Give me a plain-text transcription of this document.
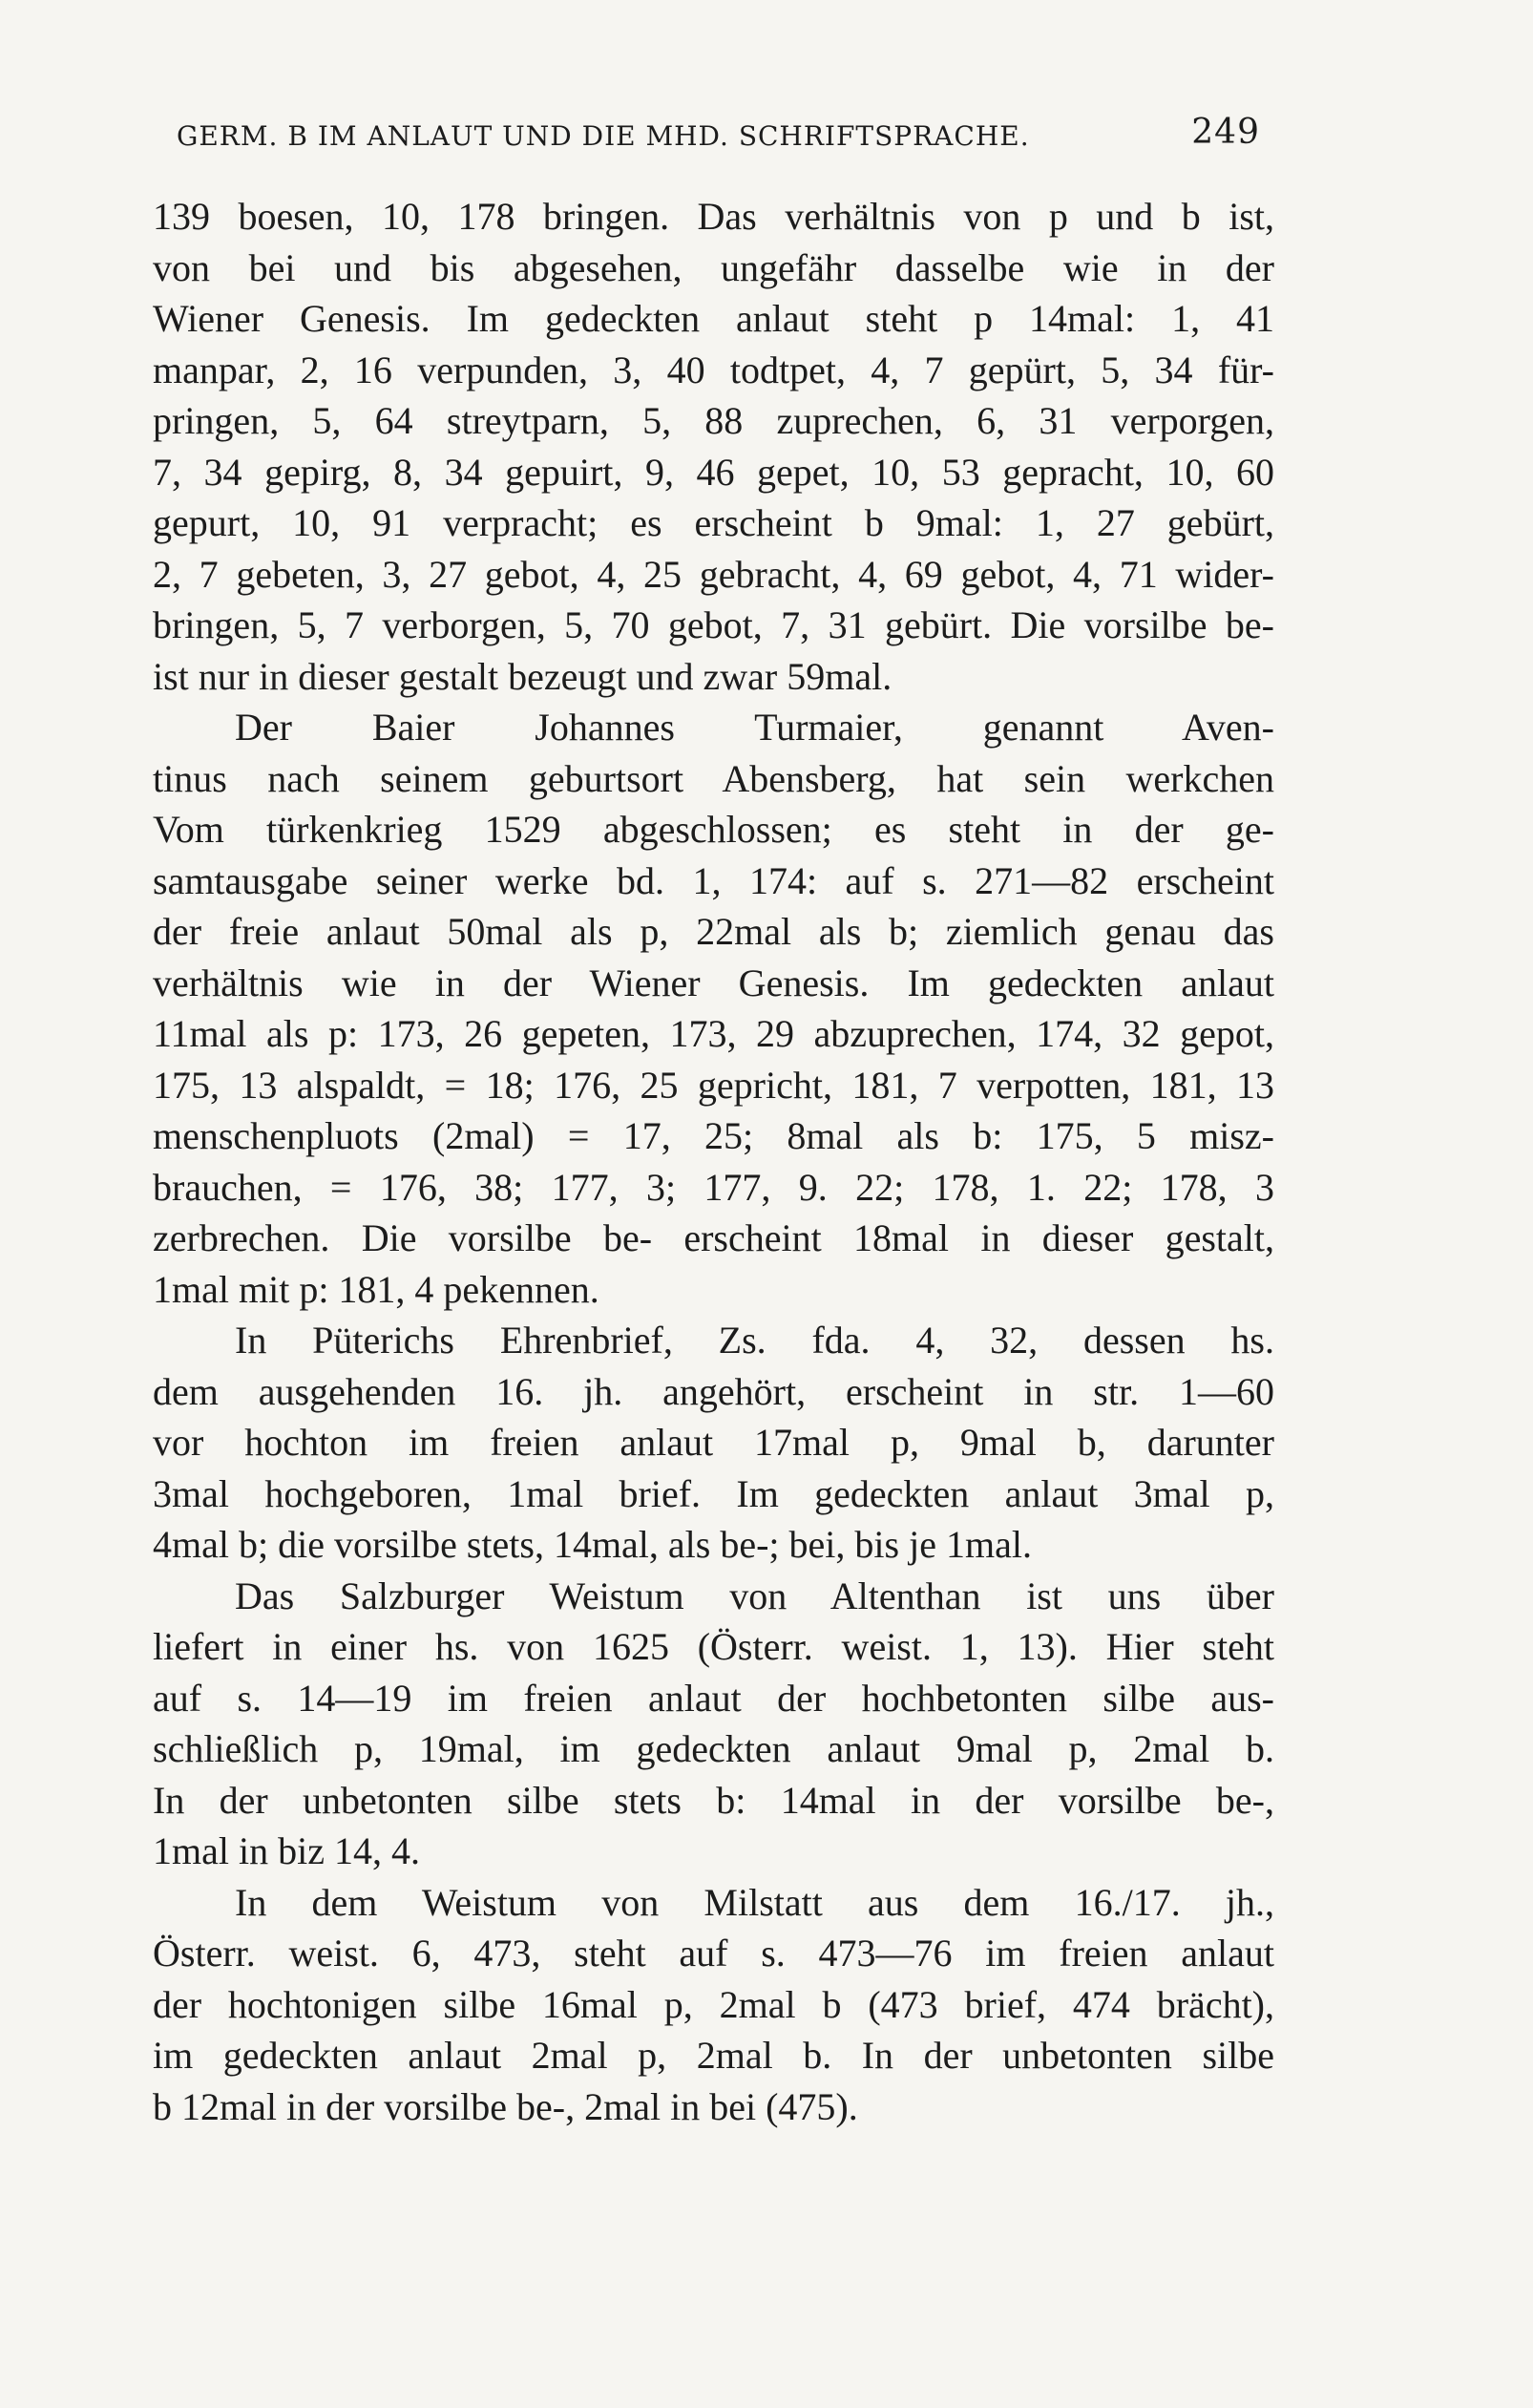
GERM. B IM ANLAUT UND DIE MHD. SCHRIFTSPRACHE.	249
139 boesen, 10, 178 bringen. Das verhältnis von p und b ist,
von bei und bis abgesehen, ungefähr dasselbe wie in der
Wiener Genesis. Im gedeckten anlaut steht p 14mal: 1, 41
manpar, 2, 16 verpunden, 3, 40 todtpet, 4, 7 gepürt, 5, 34 für-
pringen, 5, 64 streytparn, 5, 88 zuprechen, 6, 31 verporgen,
7, 34 gepirg, 8, 34 gepuirt, 9, 46 gepet, 10, 53 gepracht, 10, 60
gepurt, 10, 91 verpracht; es erscheint b 9mal: 1, 27 gebürt,
2, 7 gebeten, 3, 27 gebot, 4, 25 gebracht, 4, 69 gebot, 4, 71 wider-
bringen, 5, 7 verborgen, 5, 70 gebot, 7, 31 gebürt. Die vorsilbe be-
ist nur in dieser gestalt bezeugt und zwar 59mal.
Der Baier Johannes Turmaier, genannt Aven-
tinus nach seinem geburtsort Abensberg, hat sein werkchen
Vom türkenkrieg 1529 abgeschlossen; es steht in der ge-
samtausgabe seiner werke bd. 1, 174: auf s. 271—82 erscheint
der freie anlaut 50mal als p, 22mal als b; ziemlich genau das
verhältnis wie in der Wiener Genesis. Im gedeckten anlaut
11mal als p: 173, 26 gepeten, 173, 29 abzuprechen, 174, 32 gepot,
175, 13 alspaldt, = 18; 176, 25 gepricht, 181, 7 verpotten, 181, 13
menschenpluots (2mal) = 17, 25; 8mal als b: 175, 5 misz-
brauchen, = 176, 38; 177, 3; 177, 9. 22; 178, 1. 22; 178, 3
zerbrechen. Die vorsilbe be- erscheint 18mal in dieser gestalt,
1mal mit p: 181, 4 pekennen.
In Püterichs Ehrenbrief, Zs. fda. 4, 32, dessen hs.
dem ausgehenden 16. jh. angehört, erscheint in str. 1—60
vor hochton im freien anlaut 17mal p, 9mal b, darunter
3mal hochgeboren, 1mal brief. Im gedeckten anlaut 3mal p,
4mal b; die vorsilbe stets, 14mal, als be-; bei, bis je 1mal.
Das Salzburger Weistum von Altenthan ist uns über
liefert in einer hs. von 1625 (Österr. weist. 1, 13). Hier steht
auf s. 14—19 im freien anlaut der hochbetonten silbe aus-
schließlich p, 19mal, im gedeckten anlaut 9mal p, 2mal b.
In der unbetonten silbe stets b: 14mal in der vorsilbe be-,
1mal in biz 14, 4.
In dem Weistum von Milstatt aus dem 16./17. jh.,
Österr. weist. 6, 473, steht auf s. 473—76 im freien anlaut
der hochtonigen silbe 16mal p, 2mal b (473 brief, 474 brächt),
im gedeckten anlaut 2mal p, 2mal b. In der unbetonten silbe
b 12mal in der vorsilbe be-, 2mal in bei (475).
